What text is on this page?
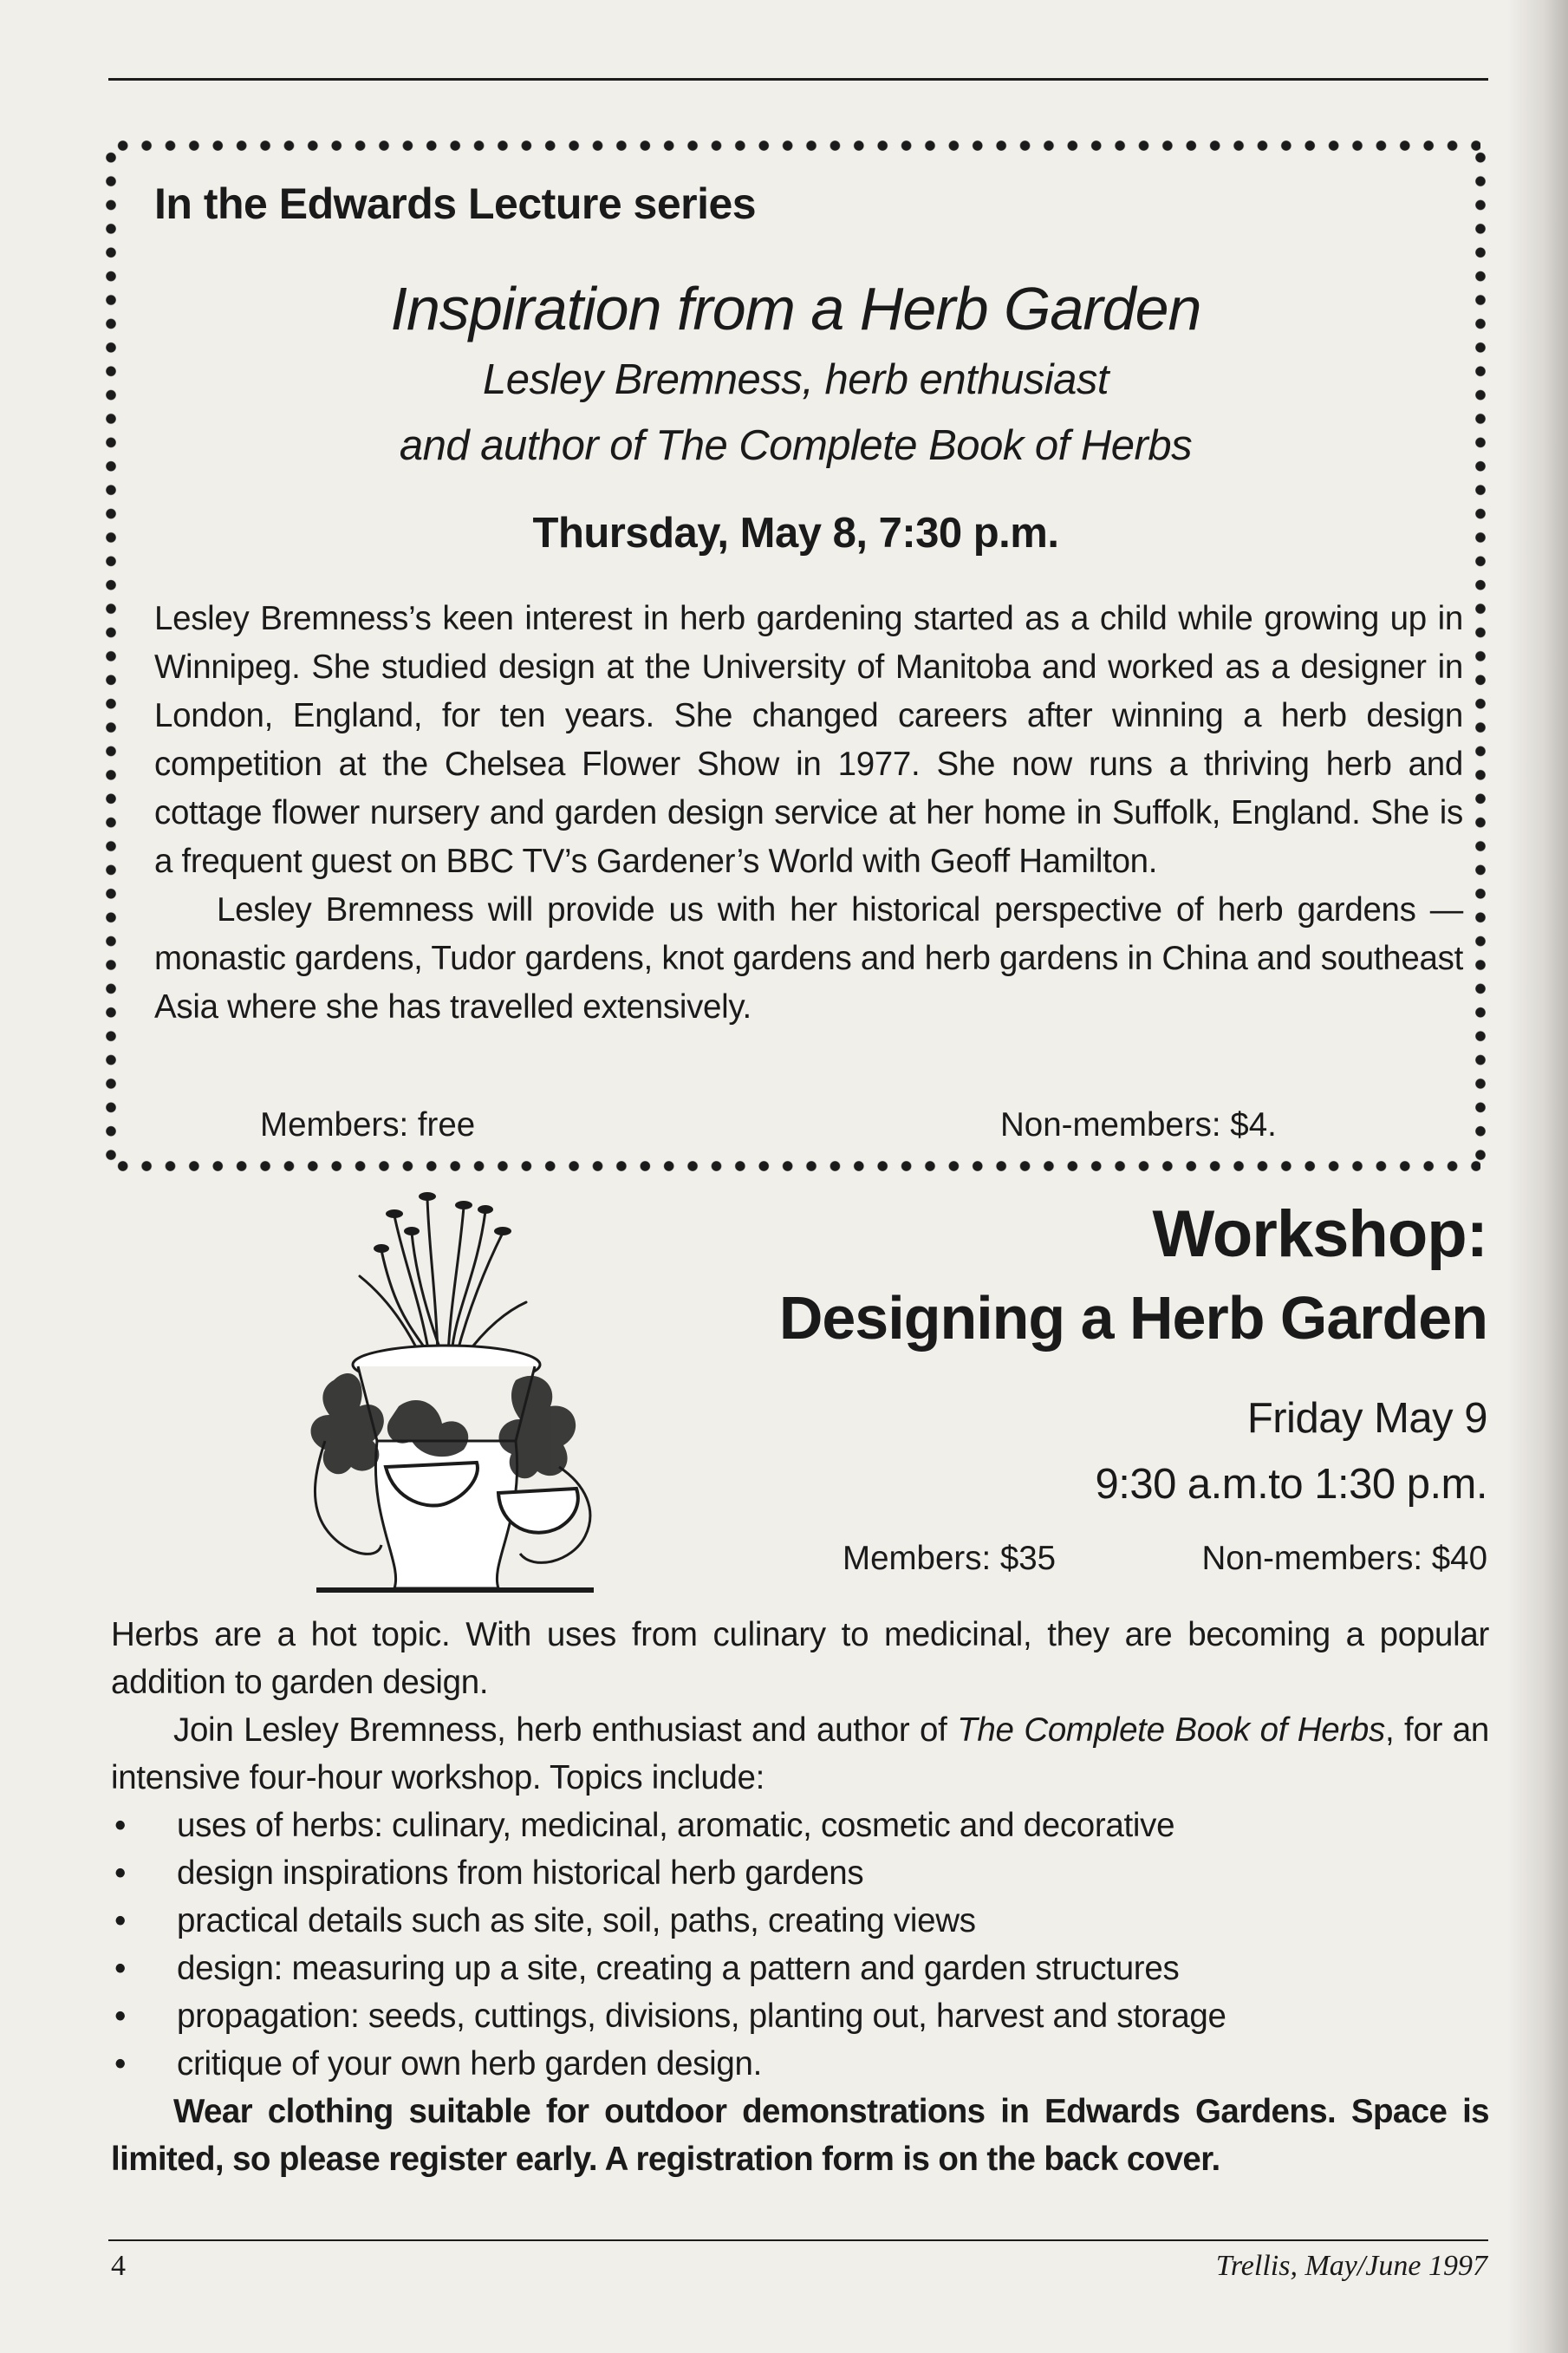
In the Edwards Lecture series
Inspiration from a Herb Garden
Lesley Bremness, herb enthusiast
and author of The Complete Book of Herbs
Thursday, May 8, 7:30 p.m.

Lesley Bremness’s keen interest in herb gardening started as a child while growing up in Winnipeg. She studied design at the University of Manitoba and worked as a designer in London, England, for ten years. She changed careers after winning a herb design competition at the Chelsea Flower Show in 1977. She now runs a thriving herb and cottage flower nursery and garden design service at her home in Suffolk, England. She is a frequent guest on BBC TV’s Gardener’s World with Geoff Hamilton.

Lesley Bremness will provide us with her historical perspective of herb gardens — monastic gardens, Tudor gardens, knot gardens and herb gardens in China and southeast Asia where she has travelled extensively.

Members: free	Non-members: $4.
Workshop:
Designing a Herb Garden
Friday May 9
9:30 a.m.to 1:30 p.m.
Members: $35	Non-members: $40

Herbs are a hot topic. With uses from culinary to medicinal, they are becoming a popular addition to garden design.

Join Lesley Bremness, herb enthusiast and author of The Complete Book of Herbs, for an intensive four-hour workshop. Topics include:

• uses of herbs: culinary, medicinal, aromatic, cosmetic and decorative
• design inspirations from historical herb gardens
• practical details such as site, soil, paths, creating views
• design: measuring up a site, creating a pattern and garden structures
• propagation: seeds, cuttings, divisions, planting out, harvest and storage
• critique of your own herb garden design.

Wear clothing suitable for outdoor demonstrations in Edwards Gardens. Space is limited, so please register early. A registration form is on the back cover.

4	Trellis, May/June 1997
